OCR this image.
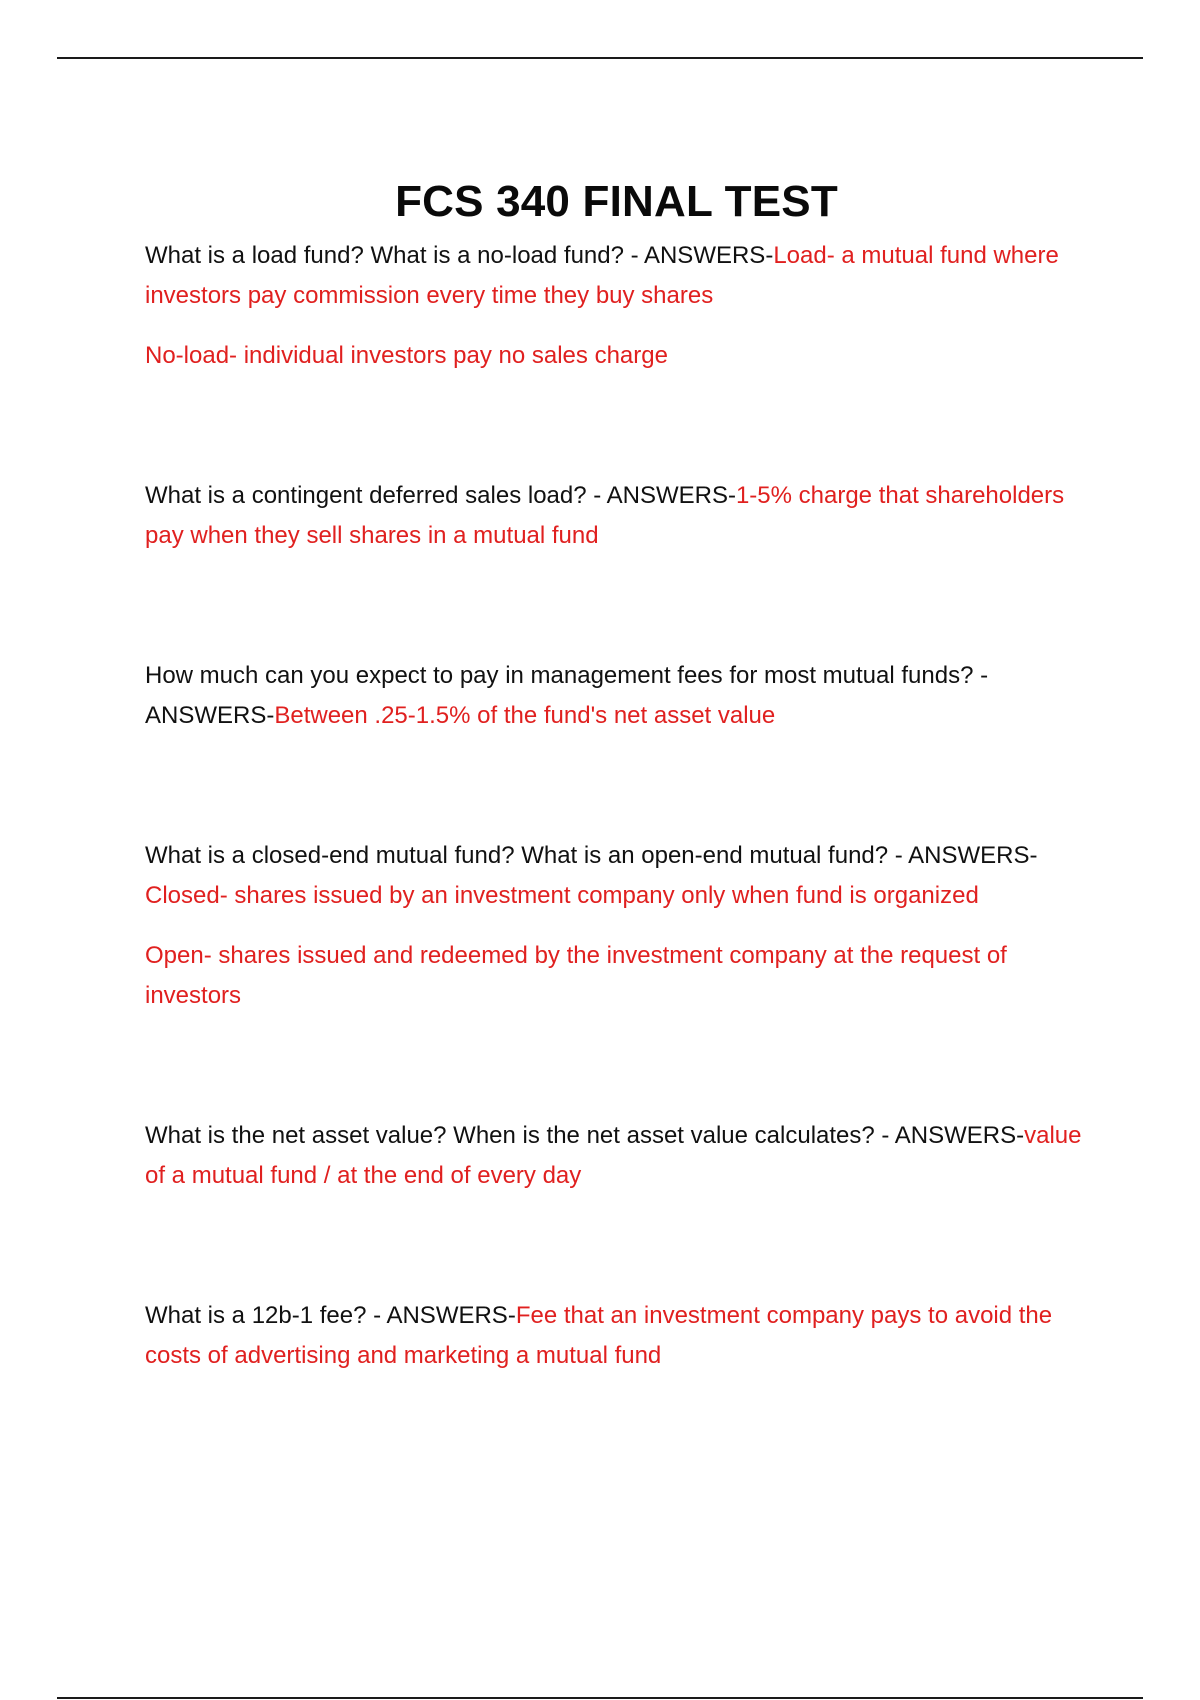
FCS 340 FINAL TEST

What is a load fund? What is a no-load fund? - ANSWERS-Load- a mutual fund where investors pay commission every time they buy shares

No-load- individual investors pay no sales charge

What is a contingent deferred sales load? - ANSWERS-1-5% charge that shareholders pay when they sell shares in a mutual fund

How much can you expect to pay in management fees for most mutual funds? - ANSWERS-Between .25-1.5% of the fund's net asset value

What is a closed-end mutual fund? What is an open-end mutual fund? - ANSWERS-Closed- shares issued by an investment company only when fund is organized

Open- shares issued and redeemed by the investment company at the request of investors

What is the net asset value? When is the net asset value calculates? - ANSWERS-value of a mutual fund / at the end of every day

What is a 12b-1 fee? - ANSWERS-Fee that an investment company pays to avoid the costs of advertising and marketing a mutual fund
